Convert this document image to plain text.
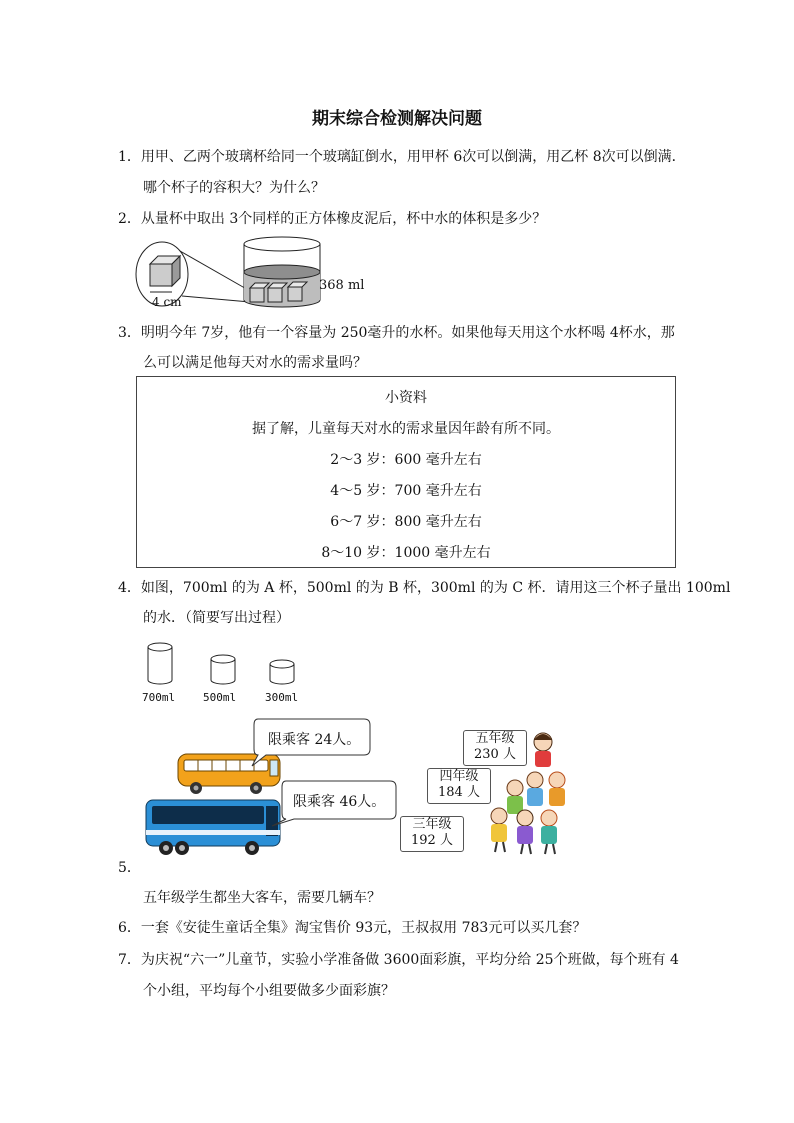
期末综合检测解决问题
1．用甲、乙两个玻璃杯给同一个玻璃缸倒水，用甲杯 6次可以倒满，用乙杯 8次可以倒满．
哪个杯子的容积大？为什么？
2．从量杯中取出 3个同样的正方体橡皮泥后，杯中水的体积是多少？
4 cm
368 ml
3．明明今年 7岁，他有一个容量为 250毫升的水杯。如果他每天用这个水杯喝 4杯水，那
么可以满足他每天对水的需求量吗？
小资料
据了解，儿童每天对水的需求量因年龄有所不同。
2～3 岁：600 毫升左右
4～5 岁：700 毫升左右
6～7 岁：800 毫升左右
8～10 岁：1000 毫升左右
4．如图，700ml 的为 A 杯，500ml 的为 B 杯，300ml 的为 C 杯．请用这三个杯子量出 100ml
的水．（简要写出过程）
700ml	500ml	300ml
限乘客 24人。
限乘客 46人。
五年级
230 人
四年级
184 人
三年级
192 人
5．
五年级学生都坐大客车，需要几辆车？
6．一套《安徒生童话全集》淘宝售价 93元，王叔叔用 783元可以买几套？
7．为庆祝“六一”儿童节，实验小学准备做 3600面彩旗，平均分给 25个班做，每个班有 4
个小组，平均每个小组要做多少面彩旗？
